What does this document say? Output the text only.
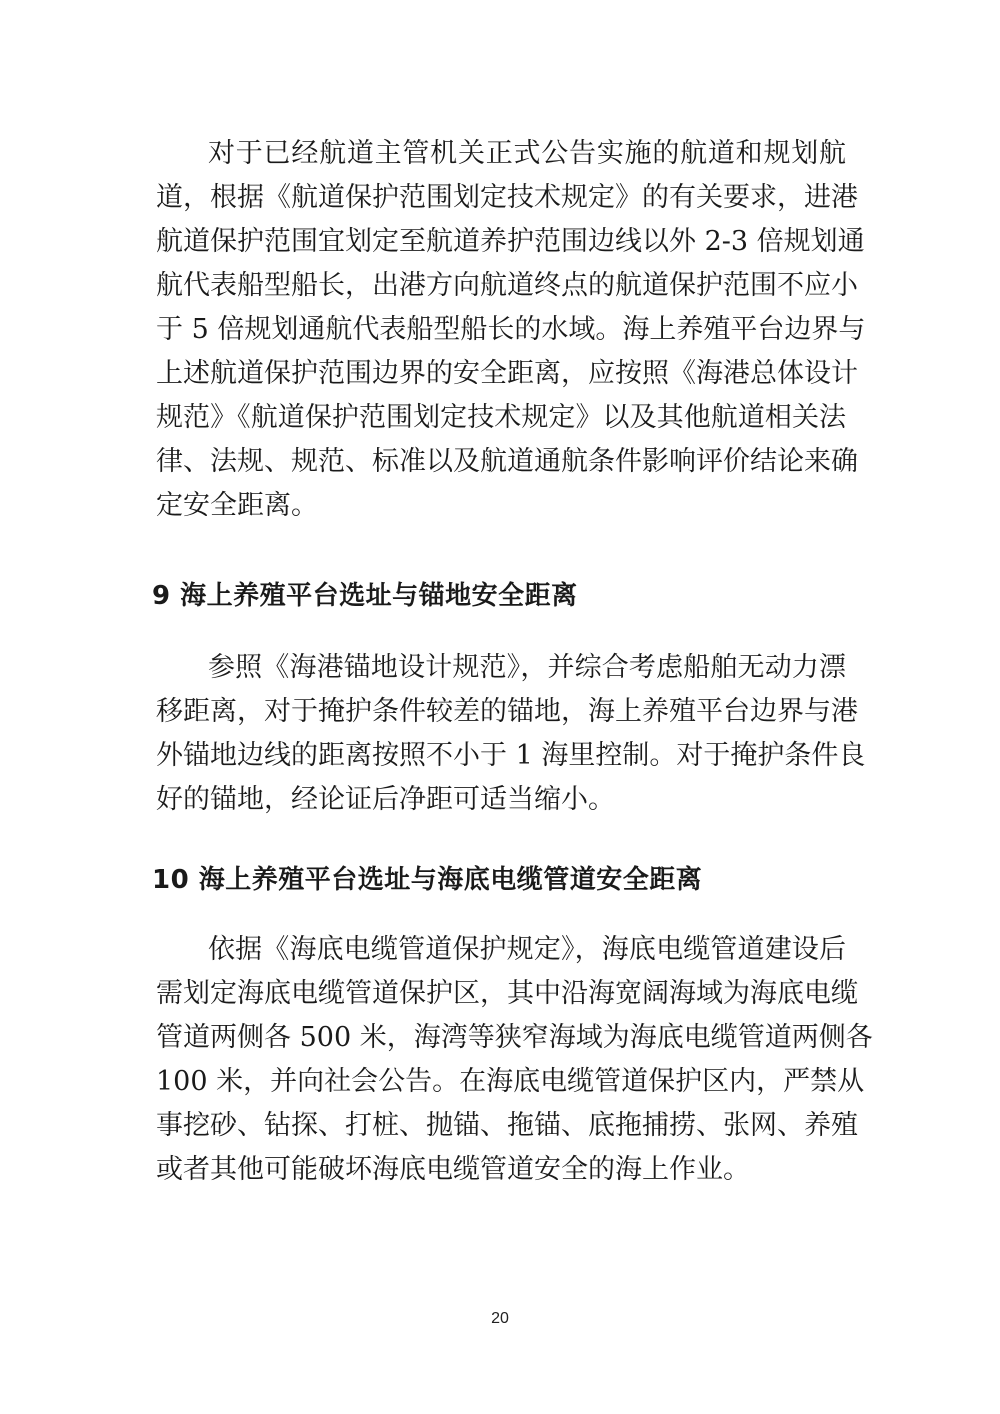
对于已经航道主管机关正式公告实施的航道和规划航
道，根据《航道保护范围划定技术规定》的有关要求，进港
航道保护范围宜划定至航道养护范围边线以外 2-3 倍规划通
航代表船型船长，出港方向航道终点的航道保护范围不应小
于 5 倍规划通航代表船型船长的水域。海上养殖平台边界与
上述航道保护范围边界的安全距离，应按照《海港总体设计
规范》《航道保护范围划定技术规定》以及其他航道相关法
律、法规、规范、标准以及航道通航条件影响评价结论来确
定安全距离。
9 海上养殖平台选址与锚地安全距离
参照《海港锚地设计规范》，并综合考虑船舶无动力漂
移距离，对于掩护条件较差的锚地，海上养殖平台边界与港
外锚地边线的距离按照不小于 1 海里控制。对于掩护条件良
好的锚地，经论证后净距可适当缩小。
10 海上养殖平台选址与海底电缆管道安全距离
依据《海底电缆管道保护规定》，海底电缆管道建设后
需划定海底电缆管道保护区，其中沿海宽阔海域为海底电缆
管道两侧各 500 米，海湾等狭窄海域为海底电缆管道两侧各
100 米，并向社会公告。在海底电缆管道保护区内，严禁从
事挖砂、钻探、打桩、抛锚、拖锚、底拖捕捞、张网、养殖
或者其他可能破坏海底电缆管道安全的海上作业。
20
